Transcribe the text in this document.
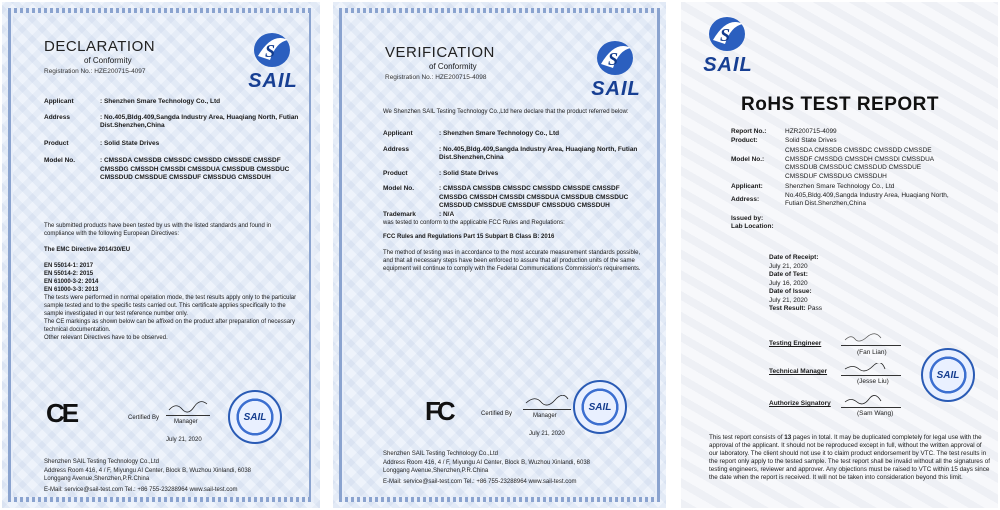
DECLARATION
of Conformity
Registration No.: HZE200715-4097
S
SAIL
Applicant	: Shenzhen Smare Technology Co., Ltd
Address	: No.405,Bldg.409,Sangda Industry Area, Huaqiang North, Futian Dist.Shenzhen,China
Product	: Solid State Drives
Model No.	: CMSSDA CMSSDB CMSSDC CMSSDD CMSSDE CMSSDF CMSSDG CMSSDH CMSSDI CMSSDUA CMSSDUB CMSSDUC CMSSDUD CMSSDUE CMSSDUF CMSSDUG CMSSDUH
The submitted products have been tested by us with the listed standards and found in compliance with the following European Directives:
The EMC Directive 2014/30/EU
EN 55014-1: 2017
EN 55014-2: 2015
EN 61000-3-2: 2014
EN 61000-3-3: 2013
The tests were performed in normal operation mode, the test results apply only to the particular sample tested and to the specific tests carried out. This certificate applies specifically to the sample investigated in our test reference number only.
The CE markings as shown below can be affixed on the product after preparation of necessary technical documentation.
Other relevant Directives have to be observed.
CE	Certified By
Manager
July 21, 2020
SAIL
Shenzhen SAIL Testing Technology Co.,Ltd
Address Room 416, 4 / F, Miyungu AI Center, Block B, Wuzhou Xinlandi, 6038
Longgang Avenue,Shenzhen,P.R.China
E-Mail: service@sail-test.com Tel.: +86 755-23288964 www.sail-test.com
VERIFICATION
of Conformity
Registration No.: HZE200715-4098
S
SAIL
We Shenzhen SAIL Testing Technology Co.,Ltd here declare that the product referred below:
Applicant	: Shenzhen Smare Technology Co., Ltd
Address	: No.405,Bldg.409,Sangda Industry Area, Huaqiang North, Futian Dist.Shenzhen,China
Product	: Solid State Drives
Model No.	: CMSSDA CMSSDB CMSSDC CMSSDD CMSSDE CMSSDF CMSSDG CMSSDH CMSSDI CMSSDUA CMSSDUB CMSSDUC CMSSDUD CMSSDUE CMSSDUF CMSSDUG CMSSDUH
Trademark	: N/A
was tested to conform to the applicable FCC Rules and Regulations:
FCC Rules and Regulations Part 15 Subpart B Class B: 2016
The method of testing was in accordance to the most accurate measurement standards possible, and that all necessary steps have been enforced to assure that all production units of the same equipment will continue to comply with the Federal Communications Commission's requirements.
FC	Certified By	Manager
July 21, 2020
SAIL
Shenzhen SAIL Testing Technology Co.,Ltd
Address Room 416, 4 / F, Miyungu AI Center, Block B, Wuzhou Xinlandi, 6038
Longgang Avenue,Shenzhen,P.R.China
E-Mail: service@sail-test.com Tel.: +86 755-23288964 www.sail-test.com
S
SAIL
RoHS TEST REPORT
Report No.:	HZR200715-4099
Product:	Solid State Drives
Model No.:
CMSSDA CMSSDB CMSSDC CMSSDD CMSSDE CMSSDF CMSSDG CMSSDH CMSSDI CMSSDUA CMSSDUB CMSSDUC CMSSDUD CMSSDUE CMSSDUF CMSSDUG CMSSDUH
Applicant:	Shenzhen Smare Technology Co., Ltd
Address:
No.405,Bldg.409,Sangda Industry Area, Huaqiang North, Futian Dist.Shenzhen,China
Issued by:
Lab Location:
Date of Receipt:
July 21, 2020
Date of Test:
July 16, 2020
Date of Issue:
July 21, 2020
Test Result: Pass
Testing Engineer
(Fan Lian)
Technical Manager
(Jesse Liu)
Authorize Signatory
(Sam Wang)
SAIL
This test report consists of 13 pages in total. It may be duplicated completely for legal use with the approval of the applicant. It should not be reproduced except in full, without the written approval of our laboratory. The client should not use it to claim product endorsement by VTC. The test results in the report only apply to the tested sample. The test report shall be invalid without all the signatures of testing engineers, reviewer and approver. Any objections must be raised to VTC within 15 days since the date when the report is received. It will not be taken into consideration beyond this limit.
